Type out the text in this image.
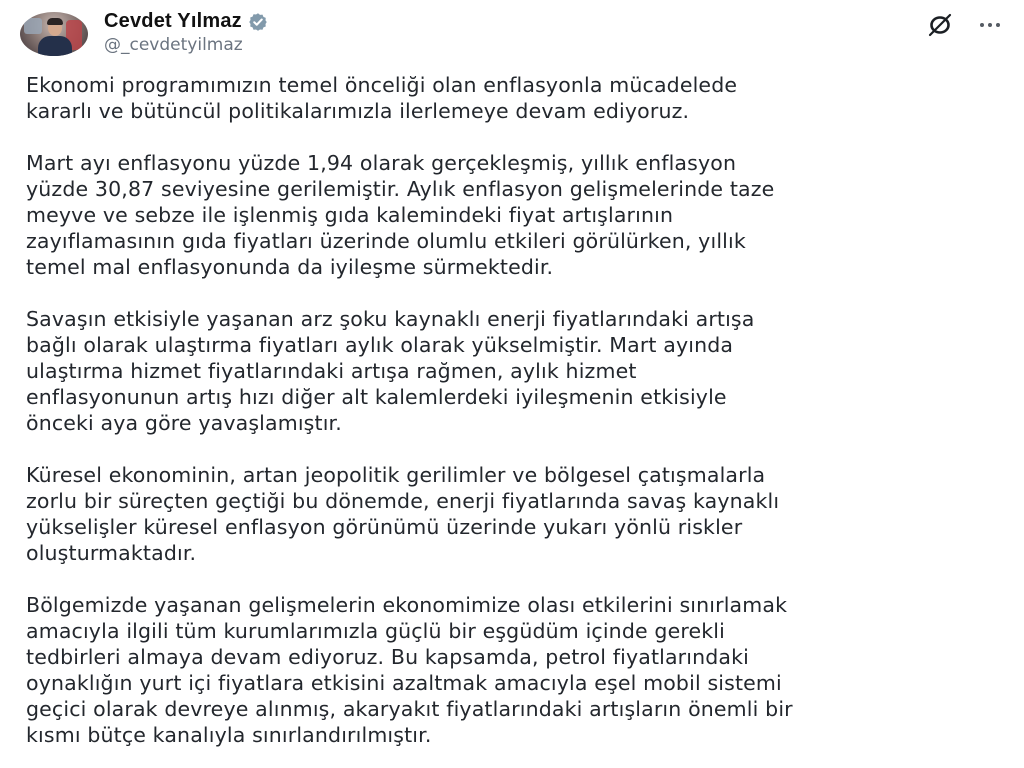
Cevdet Yılmaz
@_cevdetyilmaz
Ekonomi programımızın temel önceliği olan enflasyonla mücadelede
kararlı ve bütüncül politikalarımızla ilerlemeye devam ediyoruz.
Mart ayı enflasyonu yüzde 1,94 olarak gerçekleşmiş, yıllık enflasyon
yüzde 30,87 seviyesine gerilemiştir. Aylık enflasyon gelişmelerinde taze
meyve ve sebze ile işlenmiş gıda kalemindeki fiyat artışlarının
zayıflamasının gıda fiyatları üzerinde olumlu etkileri görülürken, yıllık
temel mal enflasyonunda da iyileşme sürmektedir.
Savaşın etkisiyle yaşanan arz şoku kaynaklı enerji fiyatlarındaki artışa
bağlı olarak ulaştırma fiyatları aylık olarak yükselmiştir. Mart ayında
ulaştırma hizmet fiyatlarındaki artışa rağmen, aylık hizmet
enflasyonunun artış hızı diğer alt kalemlerdeki iyileşmenin etkisiyle
önceki aya göre yavaşlamıştır.
Küresel ekonominin, artan jeopolitik gerilimler ve bölgesel çatışmalarla
zorlu bir süreçten geçtiği bu dönemde, enerji fiyatlarında savaş kaynaklı
yükselişler küresel enflasyon görünümü üzerinde yukarı yönlü riskler
oluşturmaktadır.
Bölgemizde yaşanan gelişmelerin ekonomimize olası etkilerini sınırlamak
amacıyla ilgili tüm kurumlarımızla güçlü bir eşgüdüm içinde gerekli
tedbirleri almaya devam ediyoruz. Bu kapsamda, petrol fiyatlarındaki
oynaklığın yurt içi fiyatlara etkisini azaltmak amacıyla eşel mobil sistemi
geçici olarak devreye alınmış, akaryakıt fiyatlarındaki artışların önemli bir
kısmı bütçe kanalıyla sınırlandırılmıştır.
